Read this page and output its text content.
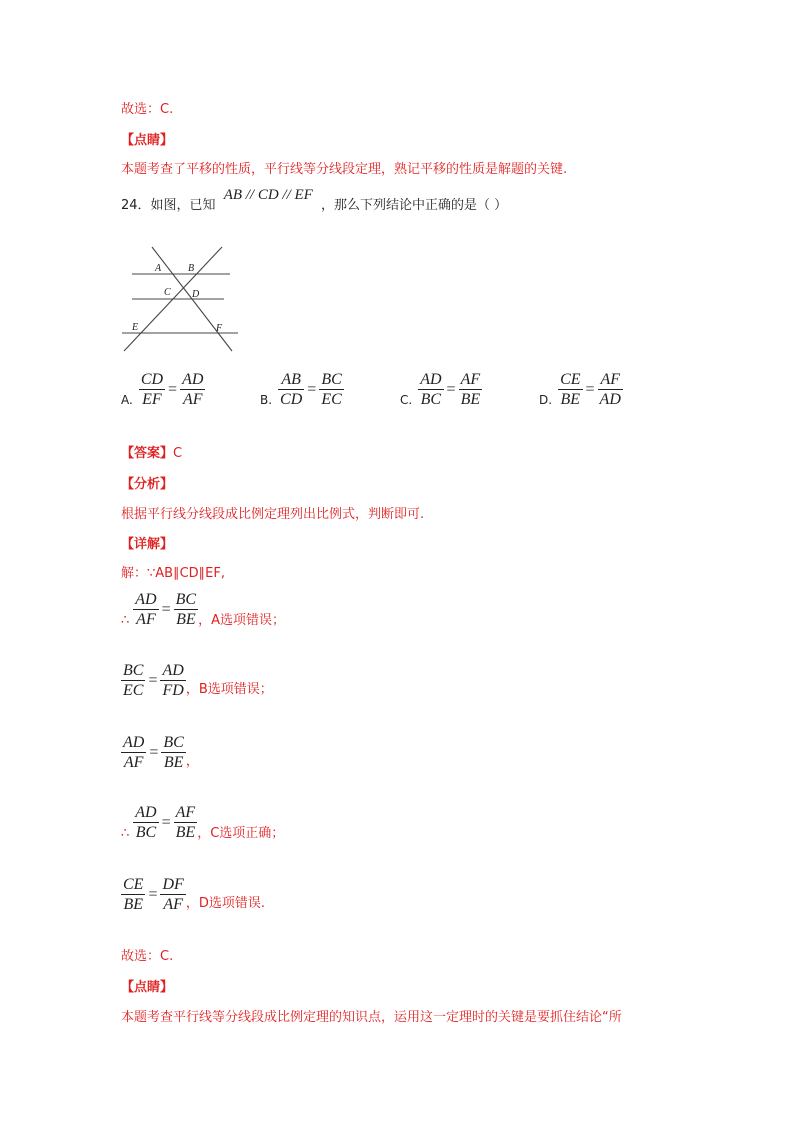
故选：C.
【点睛】
本题考查了平移的性质，平行线等分线段定理，熟记平移的性质是解题的关键.
24．如图，已知 AB // CD // EF ，那么下列结论中正确的是（ ）
A	B
C D
E	F
A. $\frac{CD}{EF} = \frac{AD}{AF}$	B. $\frac{AB}{CD} = \frac{BC}{EC}$	C. $\frac{AD}{BC} = \frac{AF}{BE}$	D. $\frac{CE}{BE} = \frac{AF}{AD}$
【答案】C
【分析】
根据平行线分线段成比例定理列出比例式，判断即可.
【详解】
解：∵AB∥CD∥EF,
∴ $\frac{AD}{AF} = \frac{BC}{BE}$ ，A选项错误；
$\frac{BC}{EC} = \frac{AD}{FD}$ ，B选项错误；
$\frac{AD}{AF} = \frac{BC}{BE}$ ，
∴ $\frac{AD}{BC} = \frac{AF}{BE}$ ，C选项正确；
$\frac{CE}{BE} = \frac{DF}{AF}$ ，D选项错误.
故选：C.
【点睛】
本题考查平行线等分线段成比例定理的知识点，运用这一定理时的关键是要抓住结论“所
